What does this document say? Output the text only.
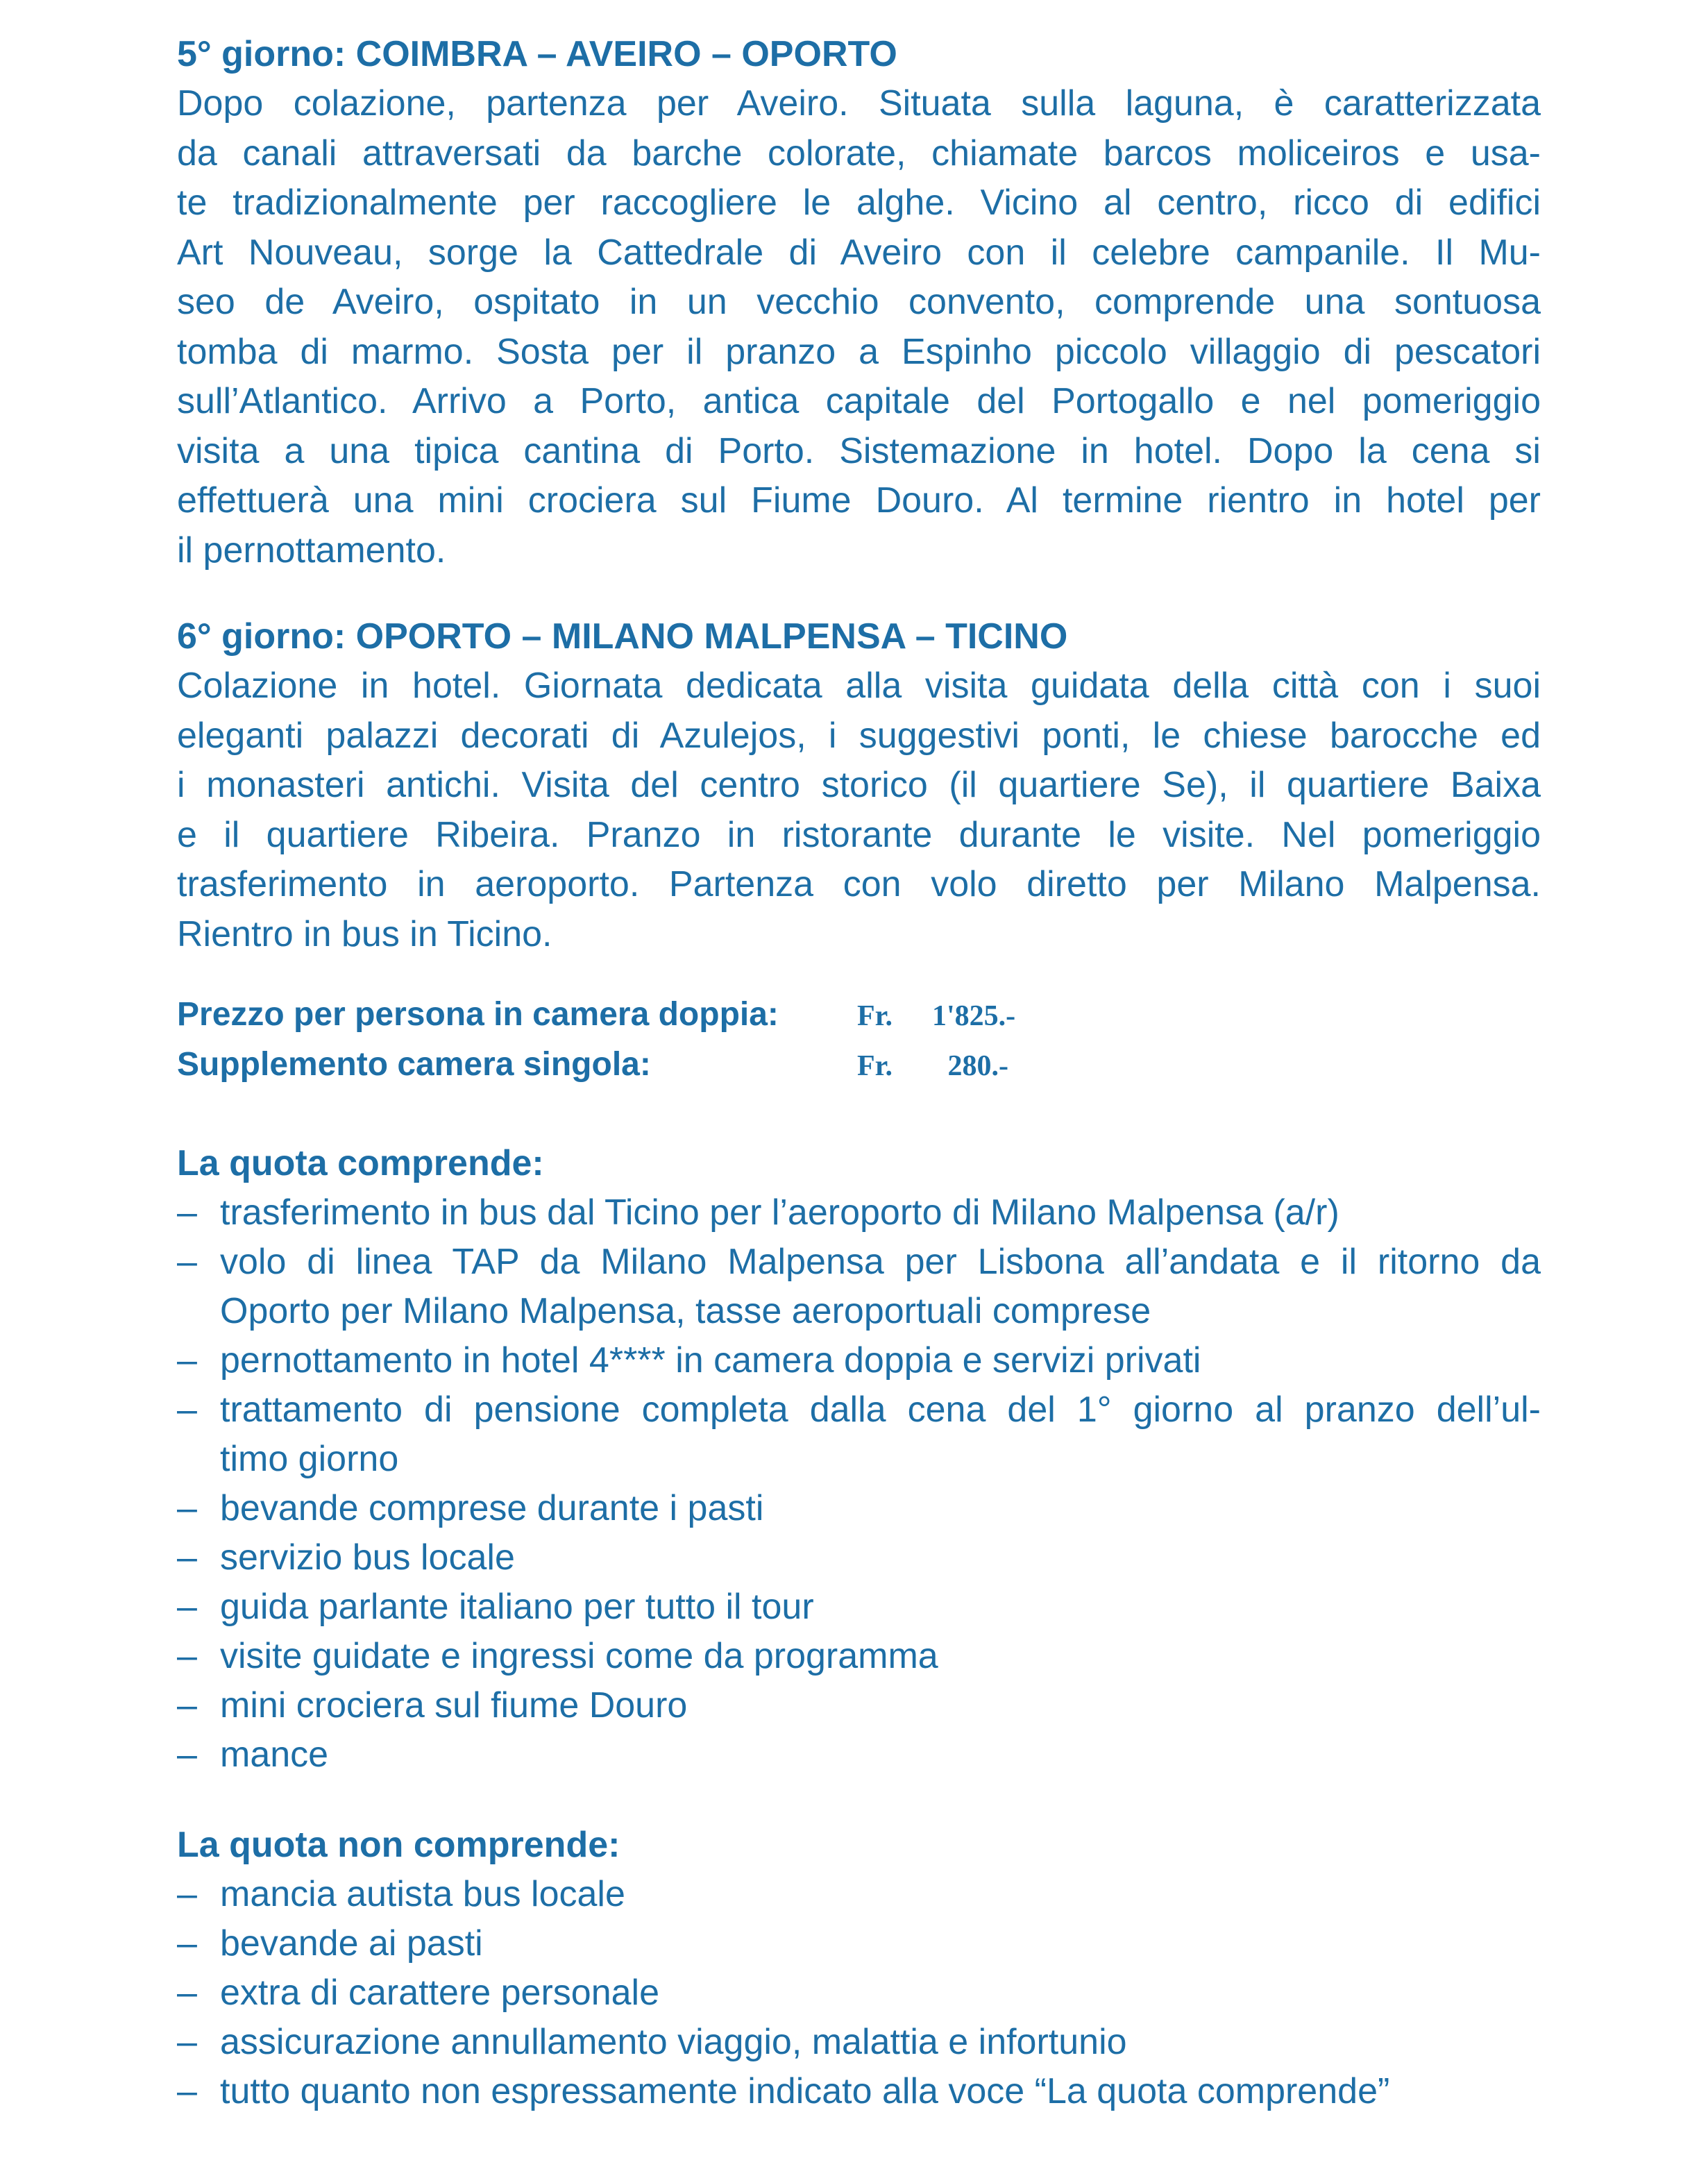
5° giorno: COIMBRA – AVEIRO – OPORTO

Dopo colazione, partenza per Aveiro. Situata sulla laguna, è caratterizzata

da canali attraversati da barche colorate, chiamate barcos moliceiros e usa-

te tradizionalmente per raccogliere le alghe. Vicino al centro, ricco di edifici

Art Nouveau, sorge la Cattedrale di Aveiro con il celebre campanile. Il Mu-

seo de Aveiro, ospitato in un vecchio convento, comprende una sontuosa

tomba di marmo. Sosta per il pranzo a Espinho piccolo villaggio di pescatori

sull’Atlantico. Arrivo a Porto, antica capitale del Portogallo e nel pomeriggio

visita a una tipica cantina di Porto. Sistemazione in hotel. Dopo la cena si

effettuerà una mini crociera sul Fiume Douro. Al termine rientro in hotel per

il pernottamento.

6° giorno: OPORTO – MILANO MALPENSA – TICINO

Colazione in hotel. Giornata dedicata alla visita guidata della città con i suoi

eleganti palazzi decorati di Azulejos, i suggestivi ponti, le chiese barocche ed

i monasteri antichi. Visita del centro storico (il quartiere Se), il quartiere Baixa

e il quartiere Ribeira. Pranzo in ristorante durante le visite. Nel pomeriggio

trasferimento in aeroporto. Partenza con volo diretto per Milano Malpensa.

Rientro in bus in Ticino.

Prezzo per persona in camera doppia:	Fr.	1'825.-
Supplemento camera singola:	Fr.	280.-
La quota comprende:
– trasferimento in bus dal Ticino per l’aeroporto di Milano Malpensa (a/r)
– volo di linea TAP da Milano Malpensa per Lisbona all’andata e il ritorno da
Oporto per Milano Malpensa, tasse aeroportuali comprese
– pernottamento in hotel 4**** in camera doppia e servizi privati
– trattamento di pensione completa dalla cena del 1° giorno al pranzo dell’ul-
timo giorno
– bevande comprese durante i pasti
– servizio bus locale
– guida parlante italiano per tutto il tour
– visite guidate e ingressi come da programma
– mini crociera sul fiume Douro
– mance
La quota non comprende:
– mancia autista bus locale
– bevande ai pasti
– extra di carattere personale
– assicurazione annullamento viaggio, malattia e infortunio
– tutto quanto non espressamente indicato alla voce “La quota comprende”
